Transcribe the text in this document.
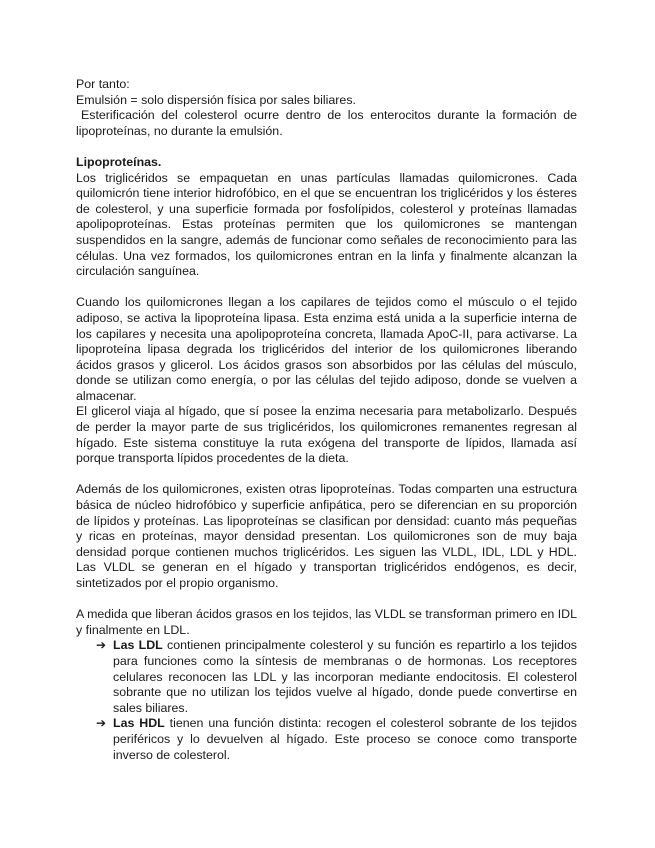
Por tanto:

Emulsión = solo dispersión física por sales biliares.

Esterificación del colesterol ocurre dentro de los enterocitos durante la formación de lipoproteínas, no durante la emulsión.

Lipoproteínas.

Los triglicéridos se empaquetan en unas partículas llamadas quilomicrones. Cada quilomicrón tiene interior hidrofóbico, en el que se encuentran los triglicéridos y los ésteres de colesterol, y una superficie formada por fosfolípidos, colesterol y proteínas llamadas apolipoproteínas. Estas proteínas permiten que los quilomicrones se mantengan suspendidos en la sangre, además de funcionar como señales de reconocimiento para las células. Una vez formados, los quilomicrones entran en la linfa y finalmente alcanzan la circulación sanguínea.

Cuando los quilomicrones llegan a los capilares de tejidos como el músculo o el tejido adiposo, se activa la lipoproteína lipasa. Esta enzima está unida a la superficie interna de los capilares y necesita una apolipoproteína concreta, llamada ApoC-II, para activarse. La lipoproteína lipasa degrada los triglicéridos del interior de los quilomicrones liberando ácidos grasos y glicerol. Los ácidos grasos son absorbidos por las células del músculo, donde se utilizan como energía, o por las células del tejido adiposo, donde se vuelven a almacenar.

El glicerol viaja al hígado, que sí posee la enzima necesaria para metabolizarlo. Después de perder la mayor parte de sus triglicéridos, los quilomicrones remanentes regresan al hígado. Este sistema constituye la ruta exógena del transporte de lípidos, llamada así porque transporta lípidos procedentes de la dieta.

Además de los quilomicrones, existen otras lipoproteínas. Todas comparten una estructura básica de núcleo hidrofóbico y superficie anfipática, pero se diferencian en su proporción de lípidos y proteínas. Las lipoproteínas se clasifican por densidad: cuanto más pequeñas y ricas en proteínas, mayor densidad presentan. Los quilomicrones son de muy baja densidad porque contienen muchos triglicéridos. Les siguen las VLDL, IDL, LDL y HDL. Las VLDL se generan en el hígado y transportan triglicéridos endógenos, es decir, sintetizados por el propio organismo.

A medida que liberan ácidos grasos en los tejidos, las VLDL se transforman primero en IDL y finalmente en LDL.

➔ Las LDL contienen principalmente colesterol y su función es repartirlo a los tejidos para funciones como la síntesis de membranas o de hormonas. Los receptores celulares reconocen las LDL y las incorporan mediante endocitosis. El colesterol sobrante que no utilizan los tejidos vuelve al hígado, donde puede convertirse en sales biliares.
➔ Las HDL tienen una función distinta: recogen el colesterol sobrante de los tejidos periféricos y lo devuelven al hígado. Este proceso se conoce como transporte inverso de colesterol.
